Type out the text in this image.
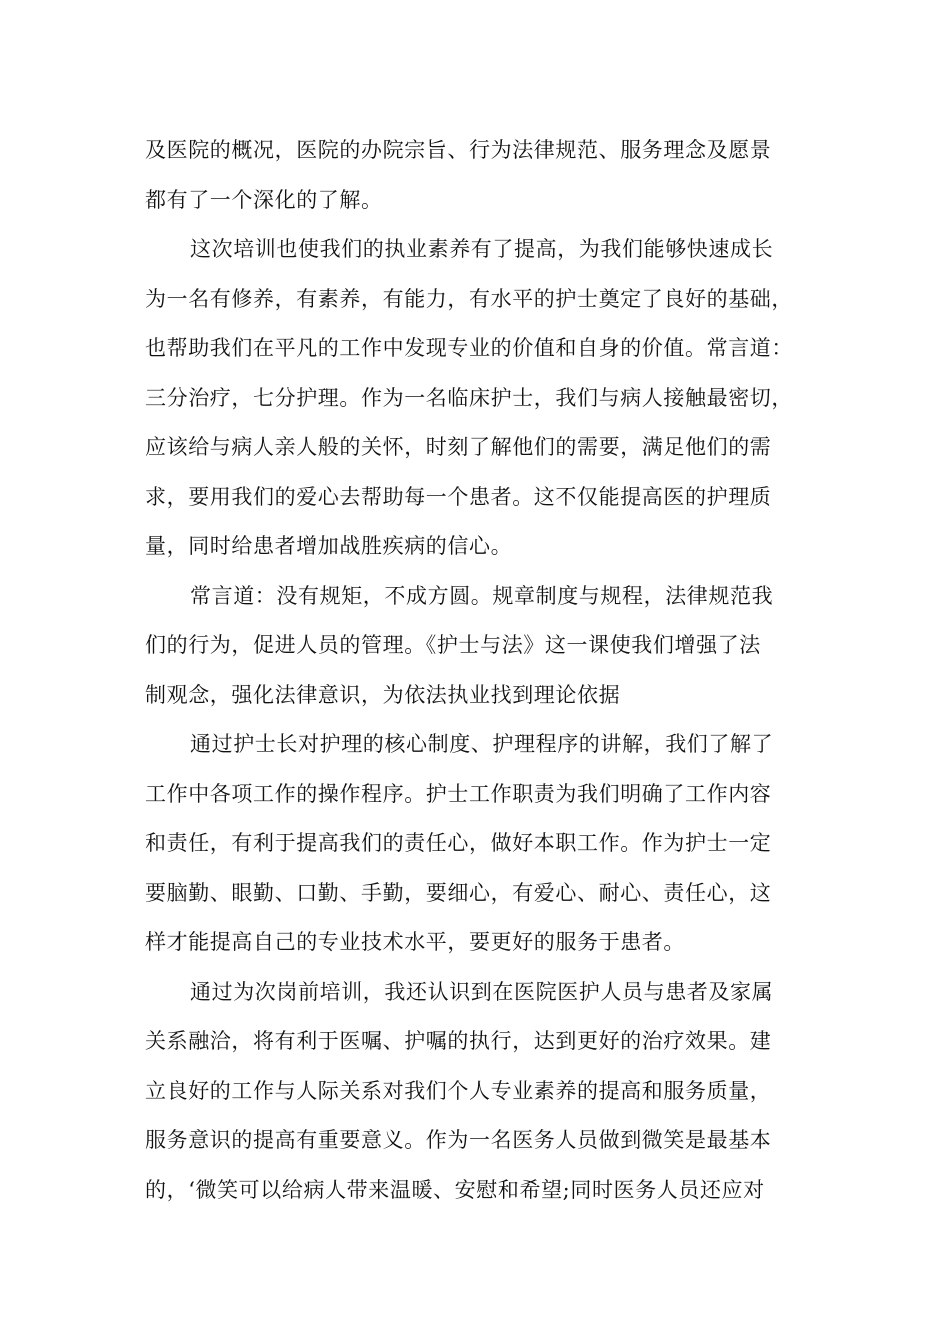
及医院的概况，医院的办院宗旨、行为法律规范、服务理念及愿景
都有了一个深化的了解。
这次培训也使我们的执业素养有了提高，为我们能够快速成长
为一名有修养，有素养，有能力，有水平的护士奠定了良好的基础，
也帮助我们在平凡的工作中发现专业的价值和自身的价值。常言道：
三分治疗，七分护理。作为一名临床护士，我们与病人接触最密切，
应该给与病人亲人般的关怀，时刻了解他们的需要，满足他们的需
求，要用我们的爱心去帮助每一个患者。这不仅能提高医的护理质
量，同时给患者增加战胜疾病的信心。
常言道：没有规矩，不成方圆。规章制度与规程，法律规范我
们的行为，促进人员的管理。《护士与法》这一课使我们增强了法
制观念，强化法律意识，为依法执业找到理论依据
通过护士长对护理的核心制度、护理程序的讲解，我们了解了
工作中各项工作的操作程序。护士工作职责为我们明确了工作内容
和责任，有利于提高我们的责任心，做好本职工作。作为护士一定
要脑勤、眼勤、口勤、手勤，要细心，有爱心、耐心、责任心，这
样才能提高自己的专业技术水平，要更好的服务于患者。
通过为次岗前培训，我还认识到在医院医护人员与患者及家属
关系融洽，将有利于医嘱、护嘱的执行，达到更好的治疗效果。建
立良好的工作与人际关系对我们个人专业素养的提高和服务质量，
服务意识的提高有重要意义。作为一名医务人员做到微笑是最基本
的，‘微笑可以给病人带来温暖、安慰和希望;同时医务人员还应对
